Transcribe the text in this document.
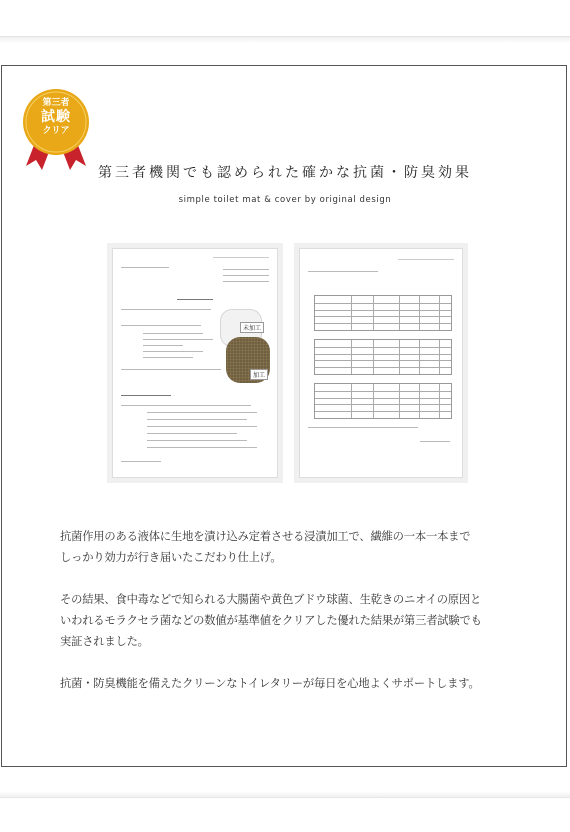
第三者
試験
クリア
第三者機関でも認められた確かな抗菌・防臭効果
simple toilet mat & cover by original design
未加工
加工

抗菌作用のある液体に生地を漬け込み定着させる浸漬加工で、繊維の一本一本まで
しっかり効力が行き届いたこだわり仕上げ。

その結果、食中毒などで知られる大腸菌や黄色ブドウ球菌、生乾きのニオイの原因と
いわれるモラクセラ菌などの数値が基準値をクリアした優れた結果が第三者試験でも
実証されました。

抗菌・防臭機能を備えたクリーンなトイレタリーが毎日を心地よくサポートします。
